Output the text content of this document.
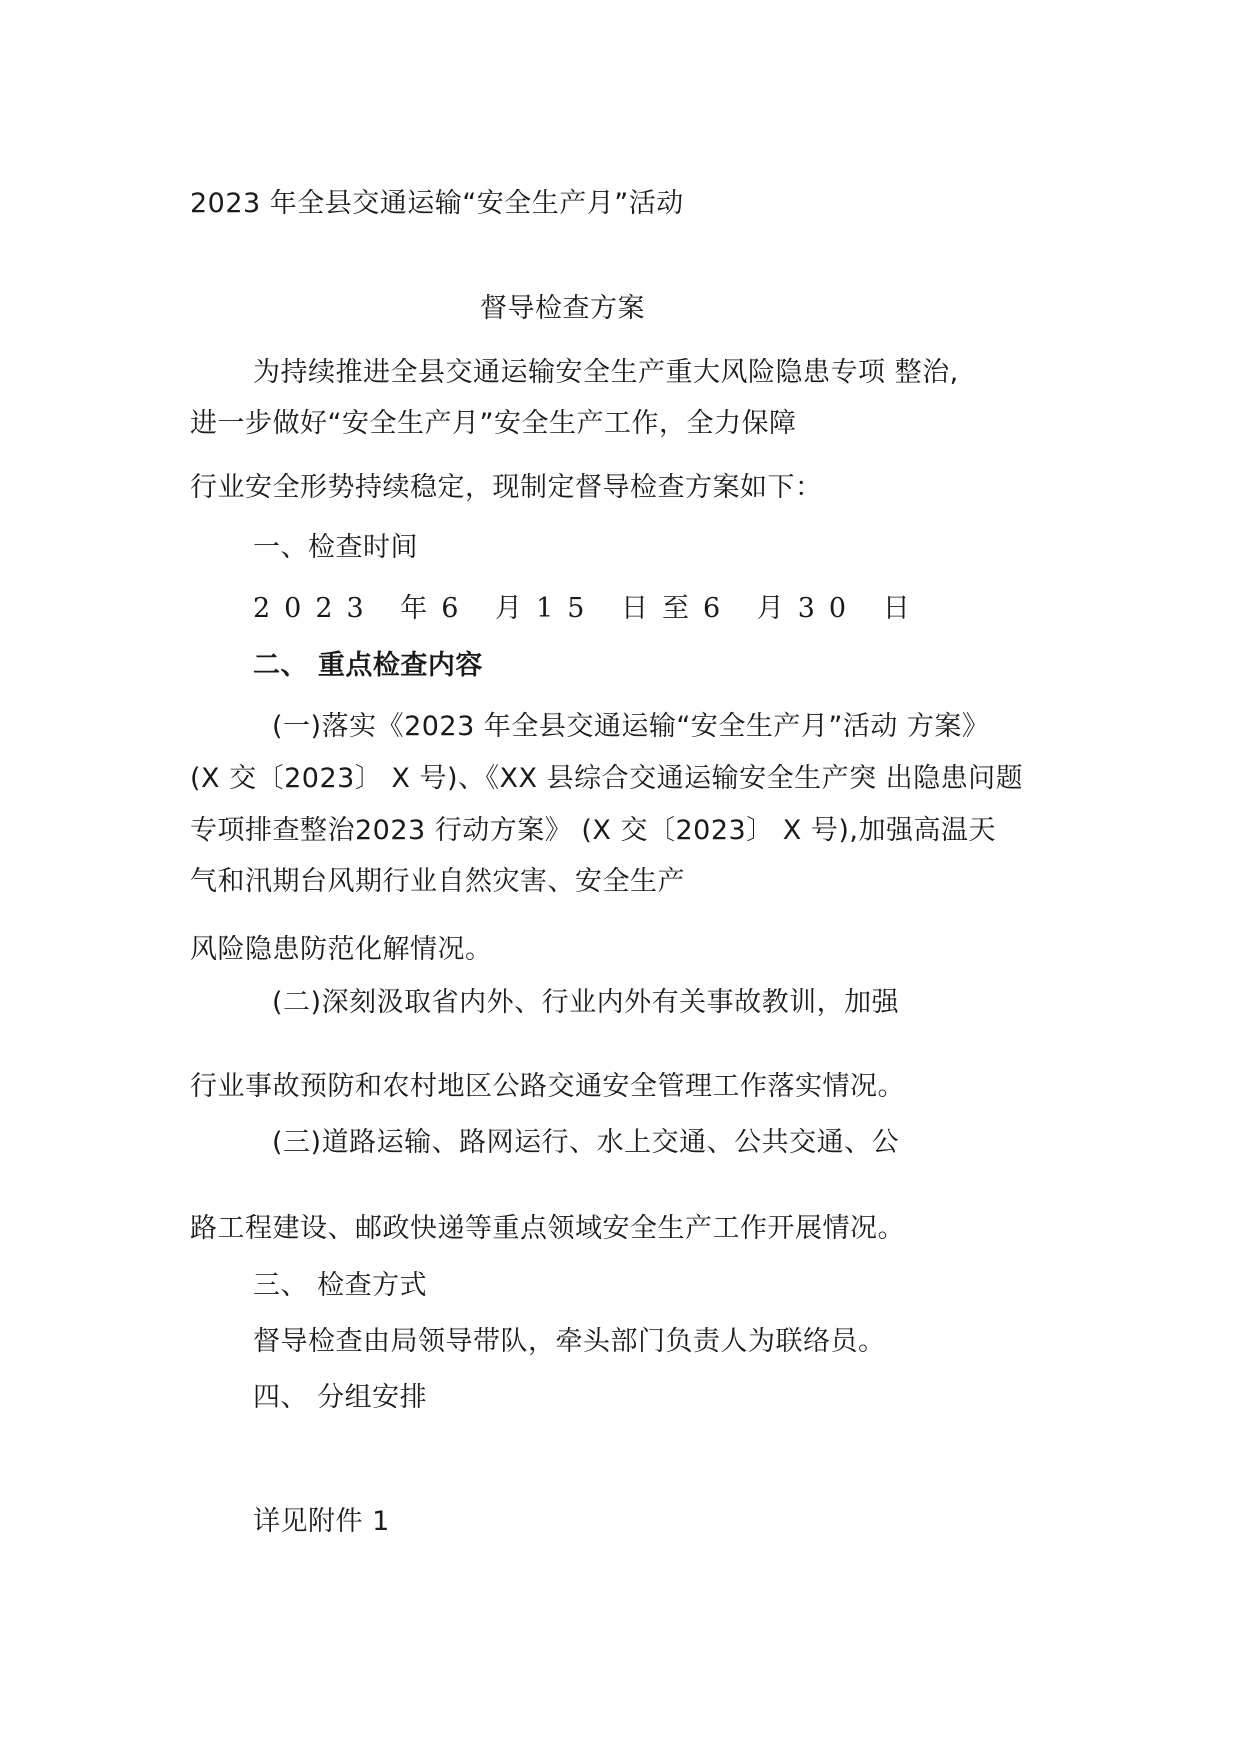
2023 年全县交通运输“安全生产月”活动
督导检查方案
为持续推进全县交通运输安全生产重大风险隐患专项 整治,
进一步做好“安全生产月”安全生产工作，全力保障
行业安全形势持续稳定，现制定督导检查方案如下：
一、检查时间
2023 年6 月15 日至6 月30 日
二、 重点检查内容
(一)落实《2023 年全县交通运输“安全生产月”活动 方案》
(X 交〔2023〕 X 号)、《XX 县综合交通运输安全生产突 出隐患问题
专项排查整治2023 行动方案》 (X 交〔2023〕 X 号),加强高温天
气和汛期台风期行业自然灾害、安全生产
风险隐患防范化解情况。
(二)深刻汲取省内外、行业内外有关事故教训，加强
行业事故预防和农村地区公路交通安全管理工作落实情况。
(三)道路运输、路网运行、水上交通、公共交通、公
路工程建设、邮政快递等重点领域安全生产工作开展情况。
三、 检查方式
督导检查由局领导带队，牵头部门负责人为联络员。
四、 分组安排
详见附件 1
